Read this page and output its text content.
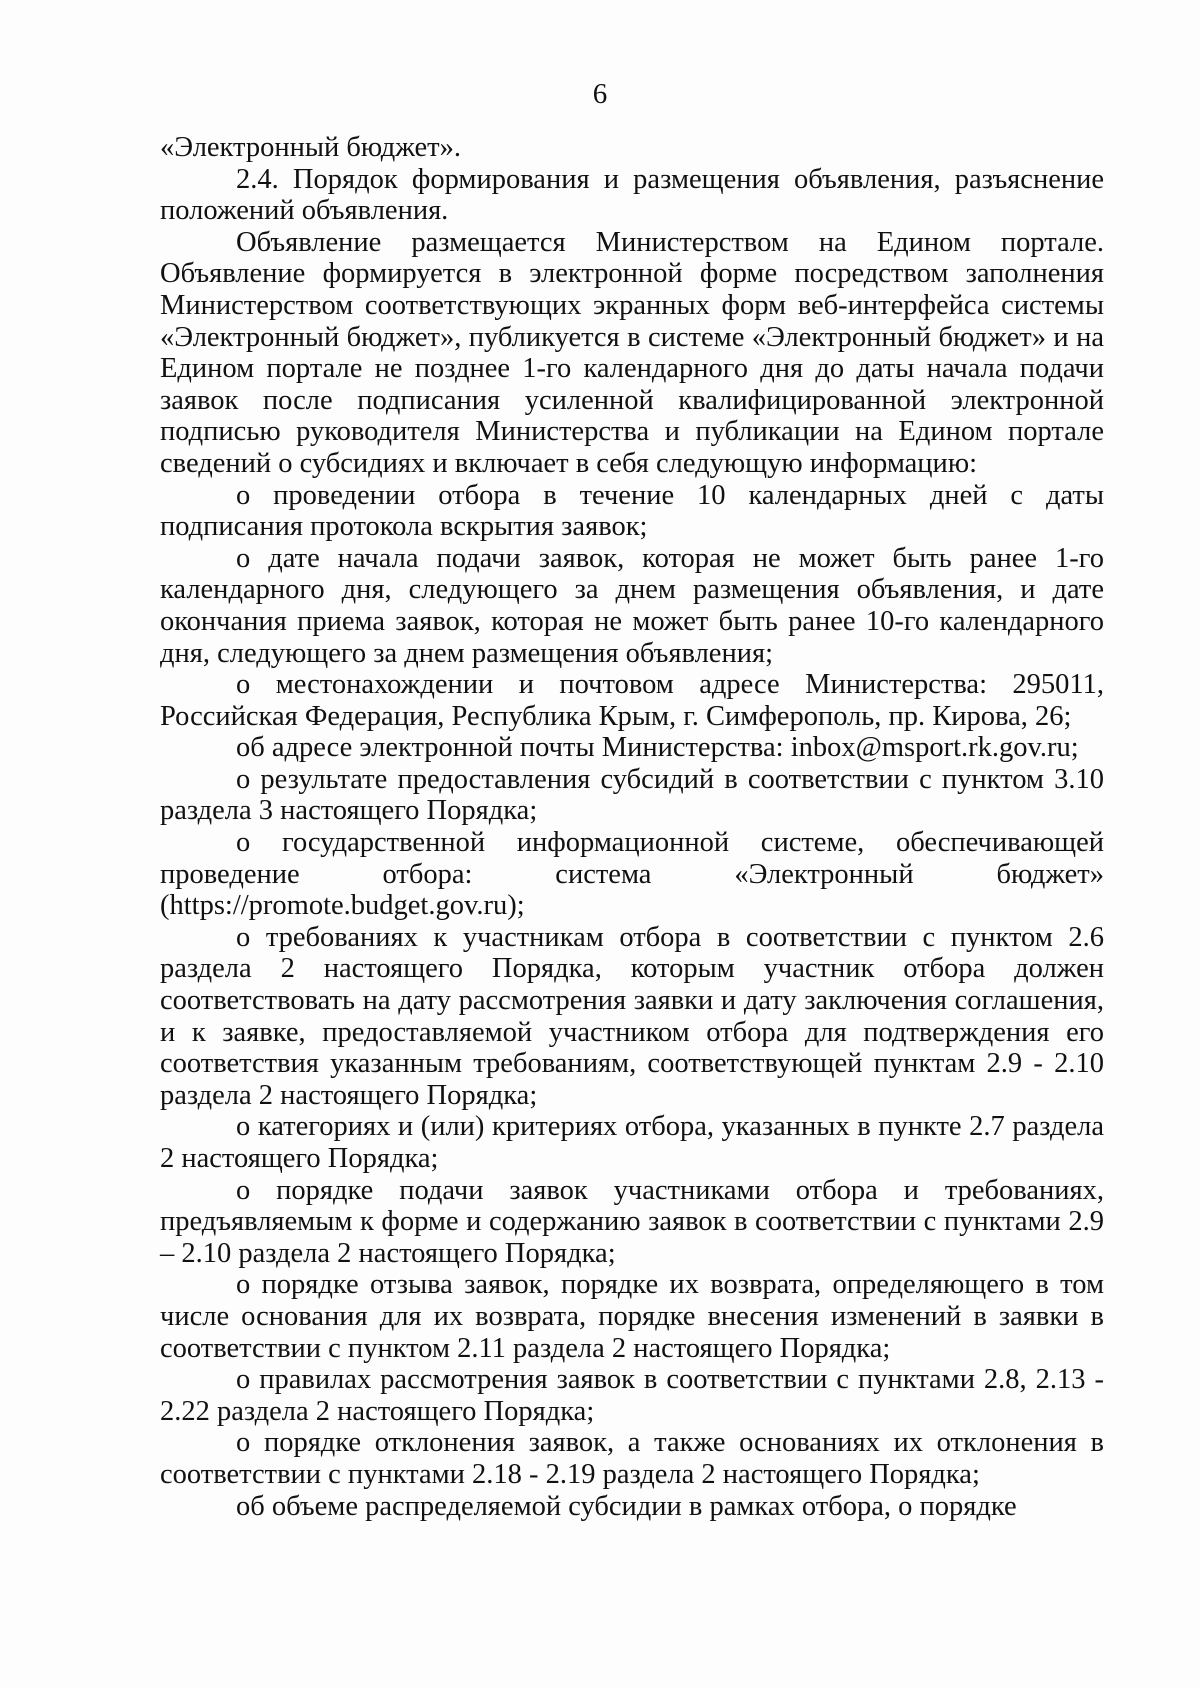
6

«Электронный бюджет».

2.4. Порядок формирования и размещения объявления, разъяснение положений объявления.

Объявление размещается Министерством на Едином портале. Объявление формируется в электронной форме посредством заполнения Министерством соответствующих экранных форм веб-интерфейса системы «Электронный бюджет», публикуется в системе «Электронный бюджет» и на Едином портале не позднее 1-го календарного дня до даты начала подачи заявок после подписания усиленной квалифицированной электронной подписью руководителя Министерства и публикации на Едином портале сведений о субсидиях и включает в себя следующую информацию:

о проведении отбора в течение 10 календарных дней с даты подписания протокола вскрытия заявок;

о дате начала подачи заявок, которая не может быть ранее 1-го календарного дня, следующего за днем размещения объявления, и дате окончания приема заявок, которая не может быть ранее 10-го календарного дня, следующего за днем размещения объявления;

о местонахождении и почтовом адресе Министерства: 295011, Российская Федерация, Республика Крым, г. Симферополь, пр. Кирова, 26;

об адресе электронной почты Министерства: inbox@msport.rk.gov.ru;

о результате предоставления субсидий в соответствии с пунктом 3.10 раздела 3 настоящего Порядка;

о государственной информационной системе, обеспечивающей проведение отбора: система «Электронный бюджет» (https://promote.budget.gov.ru);

о требованиях к участникам отбора в соответствии с пунктом 2.6 раздела 2 настоящего Порядка, которым участник отбора должен соответствовать на дату рассмотрения заявки и дату заключения соглашения, и к заявке, предоставляемой участником отбора для подтверждения его соответствия указанным требованиям, соответствующей пунктам 2.9 - 2.10 раздела 2 настоящего Порядка;

о категориях и (или) критериях отбора, указанных в пункте 2.7 раздела 2 настоящего Порядка;

о порядке подачи заявок участниками отбора и требованиях, предъявляемым к форме и содержанию заявок в соответствии с пунктами 2.9 – 2.10 раздела 2 настоящего Порядка;

о порядке отзыва заявок, порядке их возврата, определяющего в том числе основания для их возврата, порядке внесения изменений в заявки в соответствии с пунктом 2.11 раздела 2 настоящего Порядка;

о правилах рассмотрения заявок в соответствии с пунктами 2.8, 2.13 - 2.22 раздела 2 настоящего Порядка;

о порядке отклонения заявок, а также основаниях их отклонения в соответствии с пунктами 2.18 - 2.19 раздела 2 настоящего Порядка;

об объеме распределяемой субсидии в рамках отбора, о порядке
